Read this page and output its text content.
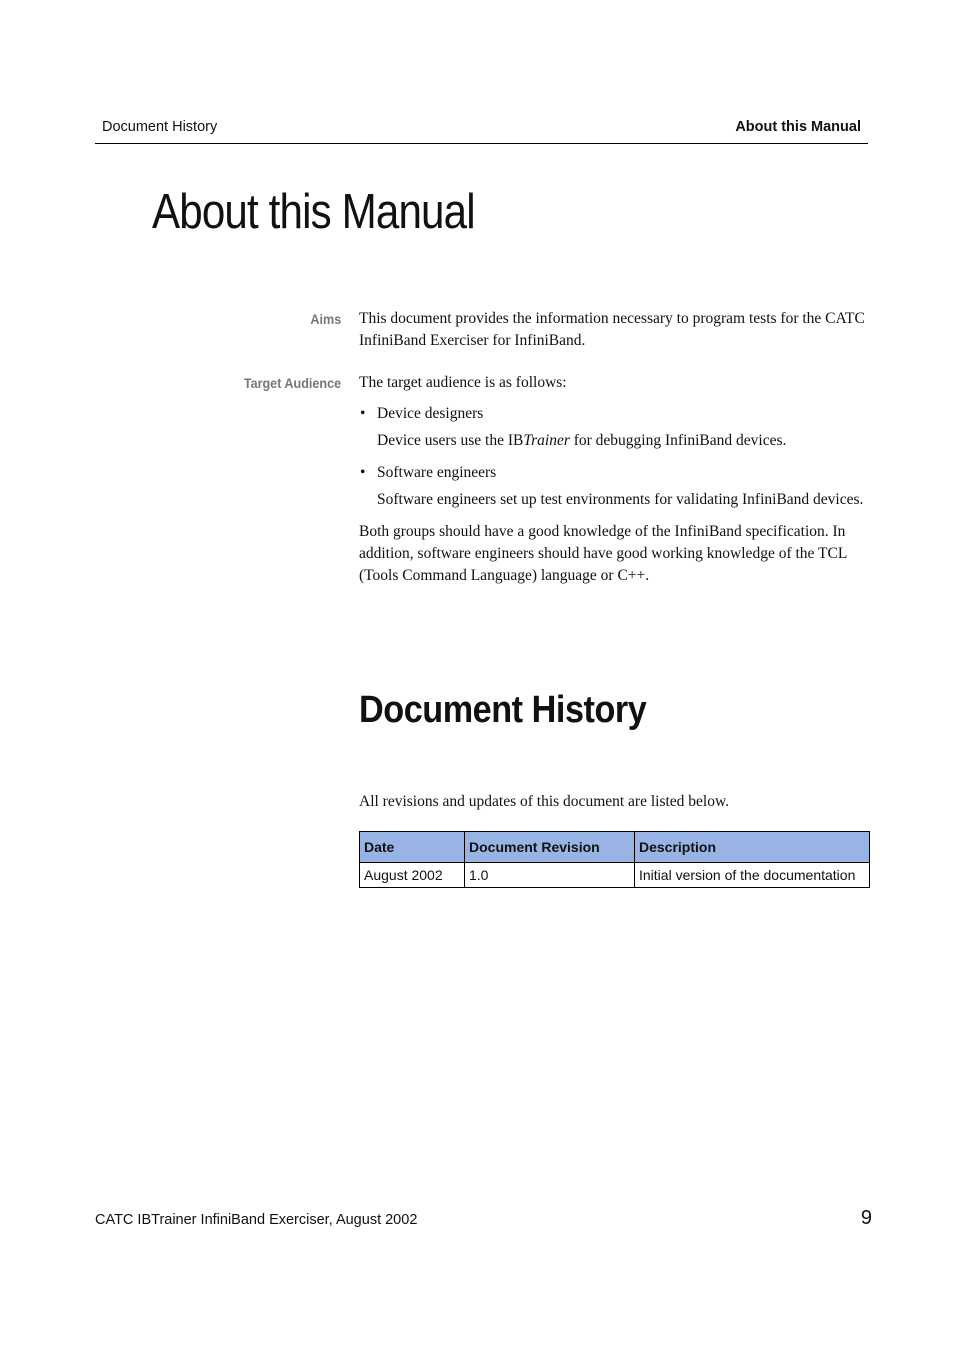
Document History	About this Manual
About this Manual
Aims This document provides the information necessary to program tests for the CATC InfiniBand Exerciser for InfiniBand.

Target Audience The target audience is as follows:

• Device designers

Device users use the IBTrainer for debugging InfiniBand devices.

• Software engineers

Software engineers set up test environments for validating InfiniBand devices.

Both groups should have a good knowledge of the InfiniBand specification. In addition, software engineers should have good working knowledge of the TCL (Tools Command Language) language or C++.

Document History

All revisions and updates of this document are listed below.

Date	Document Revision	Description
August 2002	1.0	Initial version of the documentation
CATC IBTrainer InfiniBand Exerciser, August 2002	9
